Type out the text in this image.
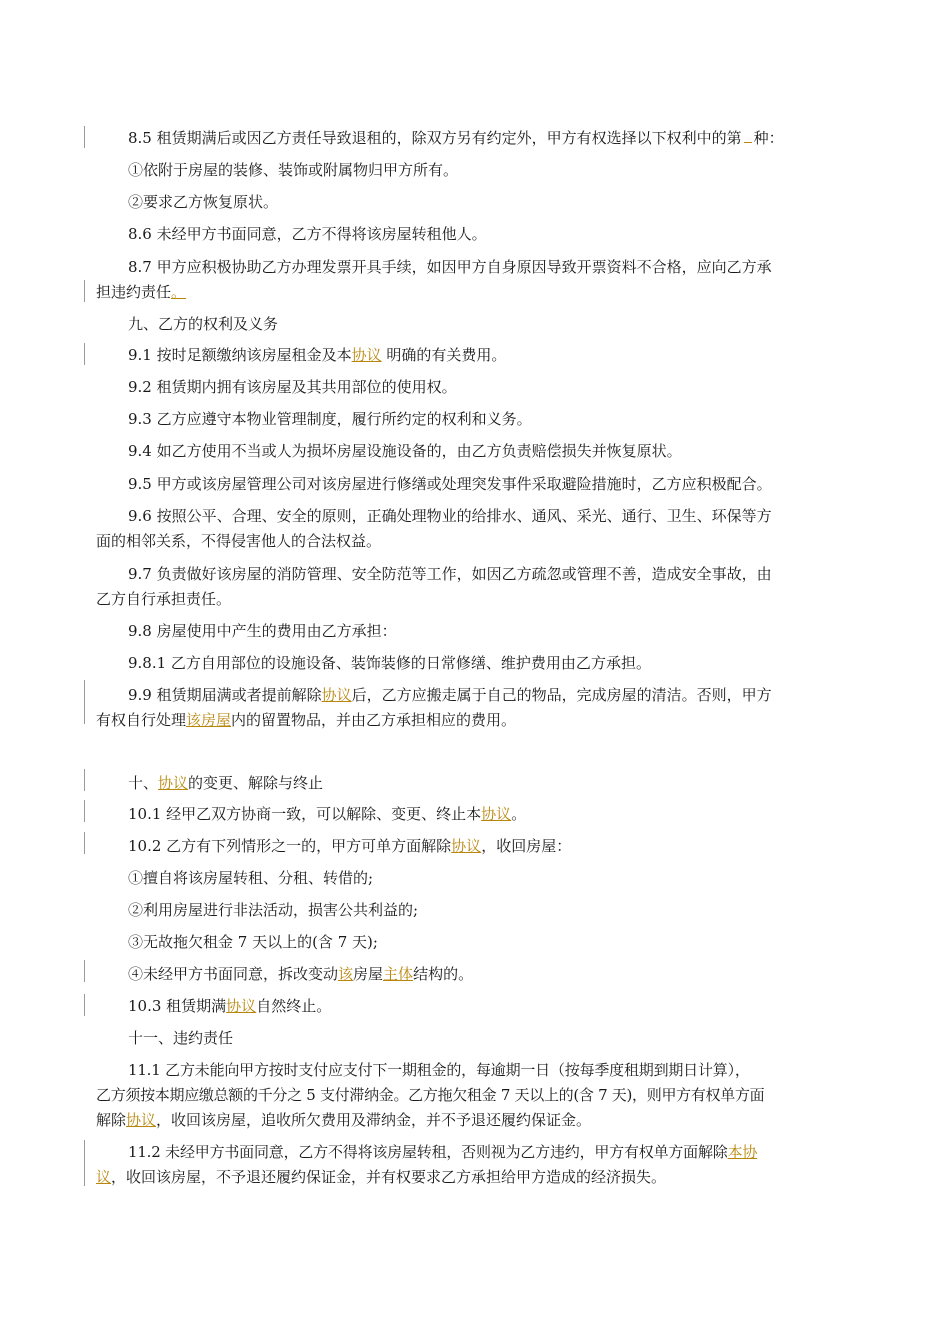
8.5 租赁期满后或因乙方责任导致退租的，除双方另有约定外，甲方有权选择以下权利中的第 种：
①依附于房屋的装修、装饰或附属物归甲方所有。
②要求乙方恢复原状。
8.6 未经甲方书面同意，乙方不得将该房屋转租他人。
8.7 甲方应积极协助乙方办理发票开具手续，如因甲方自身原因导致开票资料不合格，应向乙方承
担违约责任。
九、乙方的权利及义务
9.1 按时足额缴纳该房屋租金及本协议 明确的有关费用。
9.2 租赁期内拥有该房屋及其共用部位的使用权。
9.3 乙方应遵守本物业管理制度，履行所约定的权利和义务。
9.4 如乙方使用不当或人为损坏房屋设施设备的，由乙方负责赔偿损失并恢复原状。
9.5 甲方或该房屋管理公司对该房屋进行修缮或处理突发事件采取避险措施时，乙方应积极配合。
9.6 按照公平、合理、安全的原则，正确处理物业的给排水、通风、采光、通行、卫生、环保等方
面的相邻关系，不得侵害他人的合法权益。
9.7 负责做好该房屋的消防管理、安全防范等工作，如因乙方疏忽或管理不善，造成安全事故，由
乙方自行承担责任。
9.8 房屋使用中产生的费用由乙方承担：
9.8.1 乙方自用部位的设施设备、装饰装修的日常修缮、维护费用由乙方承担。
9.9 租赁期届满或者提前解除协议后，乙方应搬走属于自己的物品，完成房屋的清洁。否则，甲方
有权自行处理该房屋内的留置物品，并由乙方承担相应的费用。
十、协议的变更、解除与终止
10.1 经甲乙双方协商一致，可以解除、变更、终止本协议。
10.2 乙方有下列情形之一的，甲方可单方面解除协议，收回房屋：
①擅自将该房屋转租、分租、转借的;
②利用房屋进行非法活动，损害公共利益的;
③无故拖欠租金 7 天以上的(含 7 天);
④未经甲方书面同意，拆改变动该房屋主体结构的。
10.3 租赁期满协议自然终止。
十一、违约责任
11.1 乙方未能向甲方按时支付应支付下一期租金的，每逾期一日（按每季度租期到期日计算），
乙方须按本期应缴总额的千分之 5 支付滞纳金。乙方拖欠租金 7 天以上的(含 7 天)，则甲方有权单方面
解除协议，收回该房屋，追收所欠费用及滞纳金，并不予退还履约保证金。
11.2 未经甲方书面同意，乙方不得将该房屋转租，否则视为乙方违约，甲方有权单方面解除本协
议，收回该房屋，不予退还履约保证金，并有权要求乙方承担给甲方造成的经济损失。
